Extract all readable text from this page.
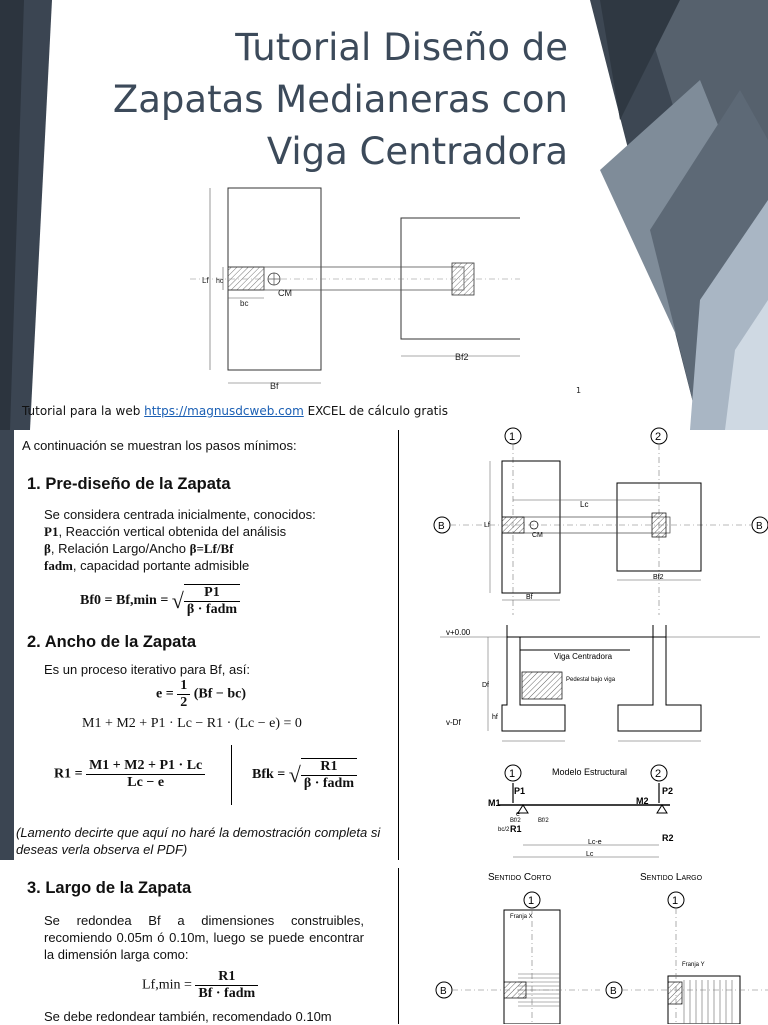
Tutorial Diseño de
Zapatas Medianeras con
Viga Centradora
Lf hc
bc
CM
Bf2
Bf	1
Tutorial para la web https://magnusdcweb.com EXCEL de cálculo gratis
A continuación se muestran los pasos mínimos:
1. Pre-diseño de la Zapata
Se considera centrada inicialmente, conocidos:
P1, Reacción vertical obtenida del análisis
β, Relación Largo/Ancho β=Lf/Bf
fadm, capacidad portante admisible
Bf0 = Bf,min = √ $\frac{P1}{\text{β · fadm}}$
2. Ancho de la Zapata
Es un proceso iterativo para Bf, así:
$e = \frac{1}{2} (Bf - bc)$
M1 + M2 + P1 · Lc − R1 · (Lc − e) = 0
$R1 = \frac{M1 + M2 + P1 \cdot Lc}{Lc - e}$	Bfk = √ $\frac{R1}{\text{β · fadm}}$
(Lamento decirte que aquí no haré la demostración completa si deseas verla observa el PDF)
3. Largo de la Zapata
Se redondea Bf a dimensiones construibles, recomiendo 0.05m ó 0.10m, luego se puede encontrar la dimensión larga como:
$Lf,\min = \frac{R1}{\text{Bf · fadm}}$
Se debe redondear también, recomendado 0.10m
1	2
B	B
Lc
Lf
CM
Bf
Bf2
v+0.00
v-Df
Viga Centradora
Pedestal bajo viga
Df
hf
1	2
Modelo Estructural
P1	P2
M1	M2
R1
R2
e
Bf/2	Bf/2
bc/2
Lc-e
Lc
Sentido Corto	Sentido Largo
1	1
Franja X
B
Franja Y
B
